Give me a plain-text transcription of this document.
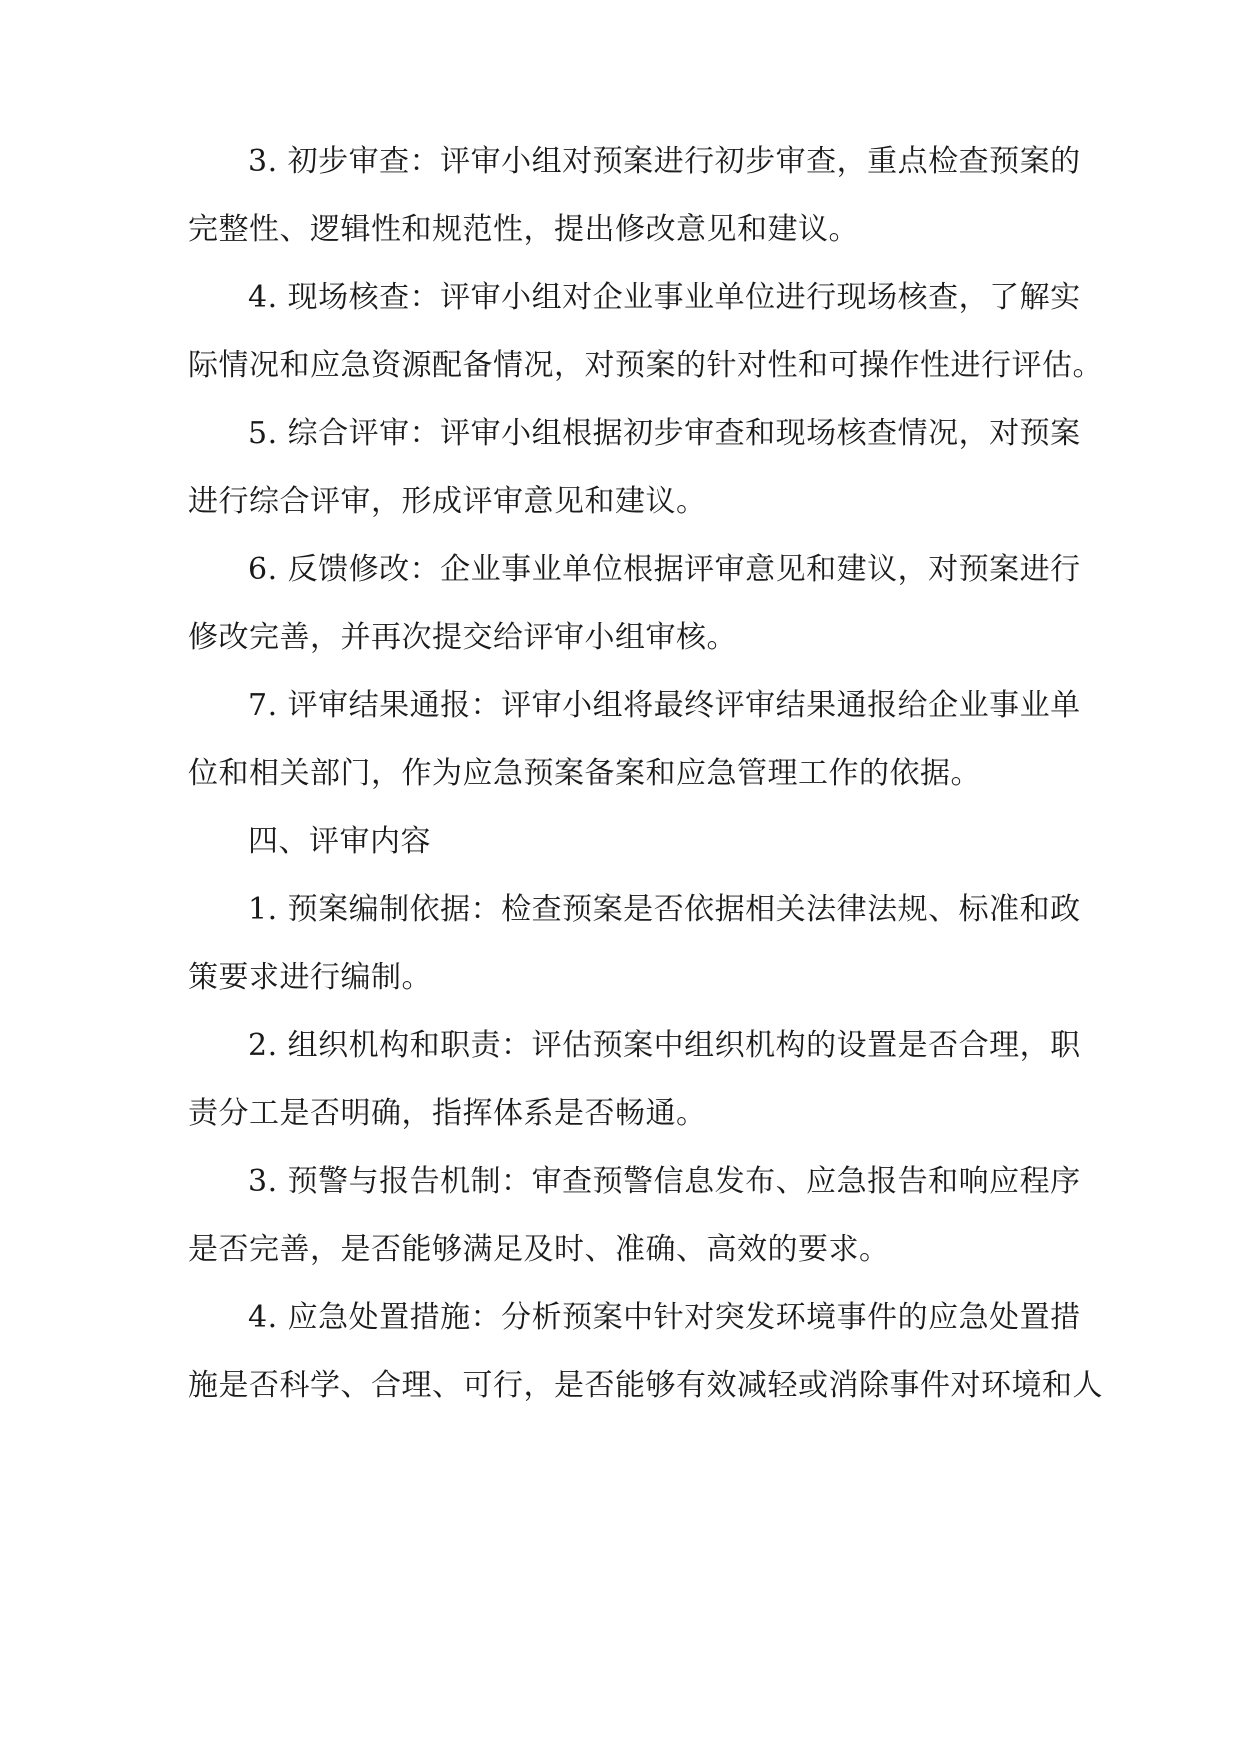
3. 初步审查：评审小组对预案进行初步审查，重点检查预案的
完整性、逻辑性和规范性，提出修改意见和建议。
4. 现场核查：评审小组对企业事业单位进行现场核查，了解实
际情况和应急资源配备情况，对预案的针对性和可操作性进行评估。
5. 综合评审：评审小组根据初步审查和现场核查情况，对预案
进行综合评审，形成评审意见和建议。
6. 反馈修改：企业事业单位根据评审意见和建议，对预案进行
修改完善，并再次提交给评审小组审核。
7. 评审结果通报：评审小组将最终评审结果通报给企业事业单
位和相关部门，作为应急预案备案和应急管理工作的依据。
四、评审内容
1. 预案编制依据：检查预案是否依据相关法律法规、标准和政
策要求进行编制。
2. 组织机构和职责：评估预案中组织机构的设置是否合理，职
责分工是否明确，指挥体系是否畅通。
3. 预警与报告机制：审查预警信息发布、应急报告和响应程序
是否完善，是否能够满足及时、准确、高效的要求。
4. 应急处置措施：分析预案中针对突发环境事件的应急处置措
施是否科学、合理、可行，是否能够有效减轻或消除事件对环境和人
